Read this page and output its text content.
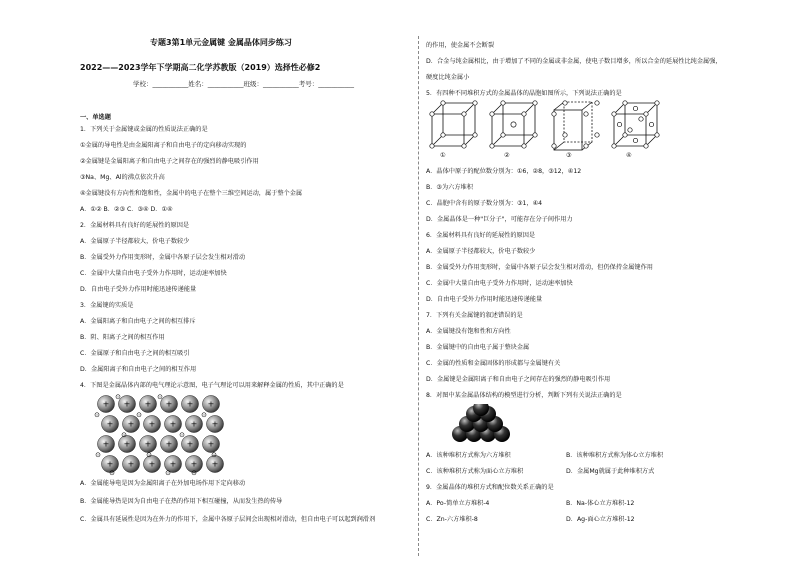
专题3第1单元金属键 金属晶体同步练习
2022——2023学年下学期高二化学苏教版（2019）选择性必修2
学校：___________姓名：___________班级：___________考号：___________
一、单选题
1．下列关于金属键或金属的性质说法正确的是
①金属的导电性是由金属阳离子和自由电子的定向移动实现的
②金属键是金属阳离子和自由电子之间存在的强烈的静电吸引作用
③Na、Mg、Al的沸点依次升高
④金属键没有方向性和饱和性，金属中的电子在整个三维空间运动，属于整个金属
A．①② B．②③ C．③④ D．①④
2．金属材料具有良好的延展性的原因是
A．金属原子半径都较大，价电子数较少
B．金属受外力作用变形时，金属中各原子层会发生相对滑动
C．金属中大量自由电子受外力作用时，运动速率加快
D．自由电子受外力作用时能迅速传递能量
3．金属键的实质是
A．金属阳离子和自由电子之间的相互排斥
B．阴、阳离子之间的相互作用
C．金属原子和自由电子之间的相互吸引
D．金属阳离子和自由电子之间的相互作用
4．下图是金属晶体内部的电气理论示意图，电子气理论可以用来解释金属的性质，其中正确的是
+ + + + + +
+ + + + + +
+ + + + + +
+ + + + + +
⊙
⊙
⊙
⊙
⊙
⊙
⊙
⊙	⊙	⊙
⊙
⊙	⊙
A．金属能导电是因为金属阳离子在外加电场作用下定向移动
B．金属能导热是因为自由电子在热的作用下相互碰撞，从而发生热的传导
C．金属具有延展性是因为在外力的作用下，金属中各原子层间会出现相对滑动，但自由电子可以起到润滑剂
的作用，使金属不会断裂
D．合金与纯金属相比，由于增加了不同的金属或非金属，使电子数目增多，所以合金的延展性比纯金属强，
硬度比纯金属小
5．有四种不同堆积方式的金属晶体的晶胞如图所示，下列说法正确的是
①	②	③	④
A．晶体中原子的配位数分别为：①6，②8，③12，④12
B．③为六方堆积
C．晶胞中含有的原子数分别为：③1，④4
D．金属晶体是一种"巨分子"，可能存在分子间作用力
6．金属材料具有良好的延展性的原因是
A．金属原子半径都较大，价电子数较少
B．金属受外力作用变形时，金属中各原子层会发生相对滑动，但仍保持金属键作用
C．金属中大量自由电子受外力作用时，运动速率加快
D．自由电子受外力作用时能迅速传递能量
7．下列有关金属键的叙述错误的是
A．金属键没有饱和性和方向性
B．金属键中的自由电子属于整块金属
C．金属的性质和金属固体的形成都与金属键有关
D．金属键是金属阳离子和自由电子之间存在的强烈的静电吸引作用
8．对图中某金属晶体结构的模型进行分析，判断下列有关说法正确的是
A．该种堆积方式称为六方堆积	B．该种堆积方式称为体心立方堆积
C．该种堆积方式称为面心立方堆积	D．金属Mg就属于此种堆积方式
9．金属晶体的堆积方式和配位数关系正确的是
A．Po-简单立方堆积-4	B．Na-体心立方堆积-12
C．Zn-六方堆积-8	D．Ag-面心立方堆积-12
